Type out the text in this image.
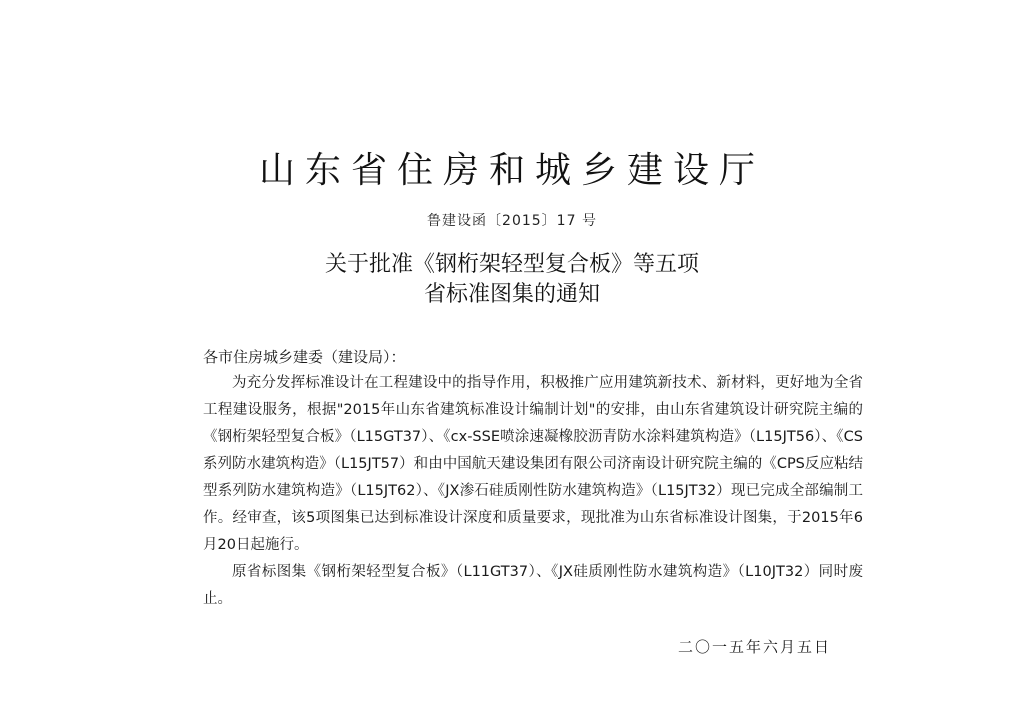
山东省住房和城乡建设厅
鲁建设函〔2015〕17 号
关于批准《钢桁架轻型复合板》等五项
省标准图集的通知
各市住房城乡建委（建设局）：

为充分发挥标准设计在工程建设中的指导作用，积极推广应用建筑新技术、新材料，更好地为全省工程建设服务，根据"2015年山东省建筑标准设计编制计划"的安排，由山东省建筑设计研究院主编的《钢桁架轻型复合板》（L15GT37）、《cx-SSE喷涂速凝橡胶沥青防水涂料建筑构造》（L15JT56）、《CS系列防水建筑构造》（L15JT57）和由中国航天建设集团有限公司济南设计研究院主编的《CPS反应粘结型系列防水建筑构造》（L15JT62）、《JX渗石硅质刚性防水建筑构造》（L15JT32）现已完成全部编制工作。经审查，该5项图集已达到标准设计深度和质量要求，现批准为山东省标准设计图集，于2015年6月20日起施行。

原省标图集《钢桁架轻型复合板》（L11GT37）、《JX硅质刚性防水建筑构造》（L10JT32）同时废止。

二〇一五年六月五日
